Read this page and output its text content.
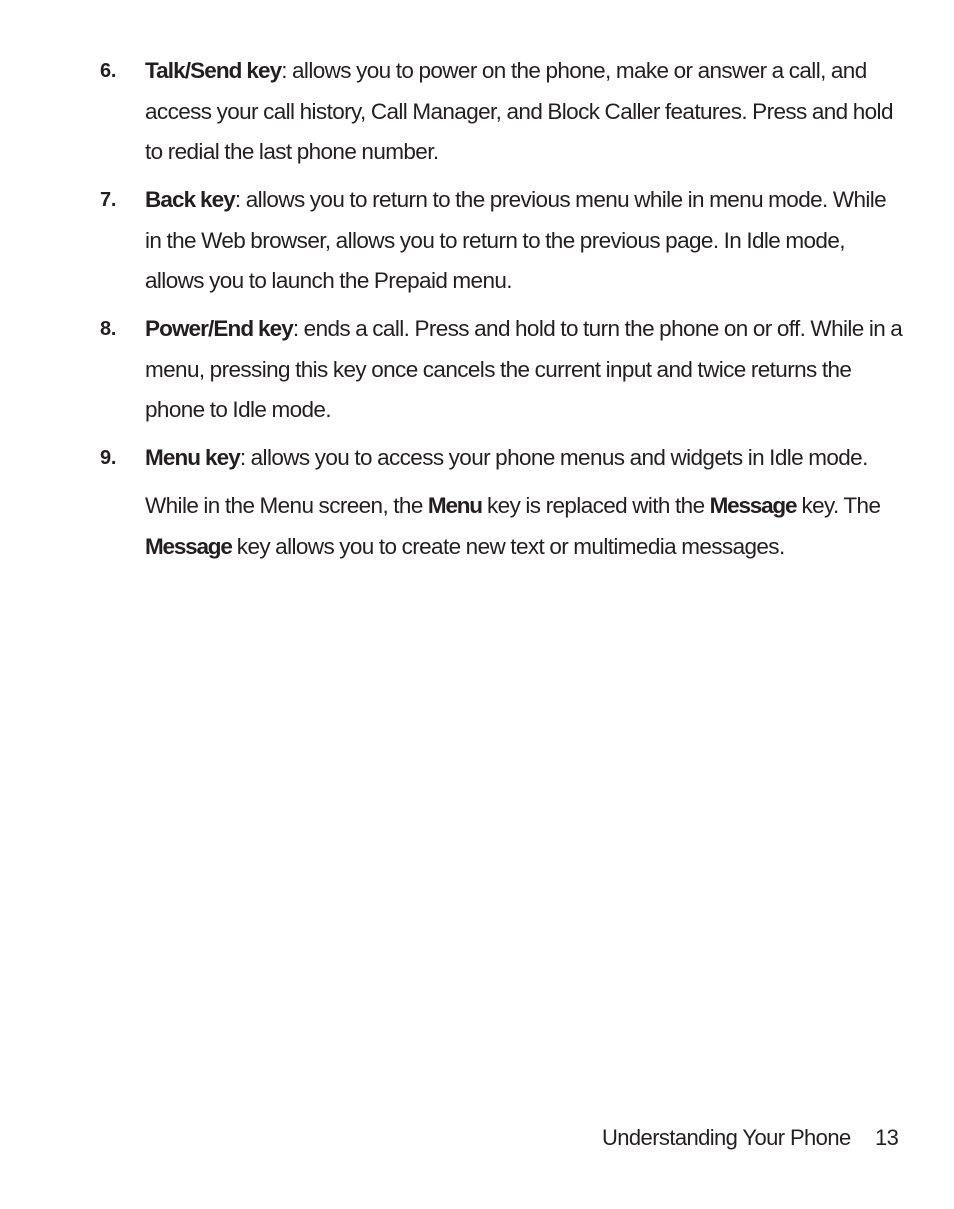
6. Talk/Send key: allows you to power on the phone, make or answer a call, and access your call history, Call Manager, and Block Caller features. Press and hold to redial the last phone number.
7. Back key: allows you to return to the previous menu while in menu mode. While in the Web browser, allows you to return to the previous page. In Idle mode, allows you to launch the Prepaid menu.
8. Power/End key: ends a call. Press and hold to turn the phone on or off. While in a menu, pressing this key once cancels the current input and twice returns the phone to Idle mode.
9. Menu key: allows you to access your phone menus and widgets in Idle mode.
While in the Menu screen, the Menu key is replaced with the Message key. The Message key allows you to create new text or multimedia messages.
Understanding Your Phone 13
